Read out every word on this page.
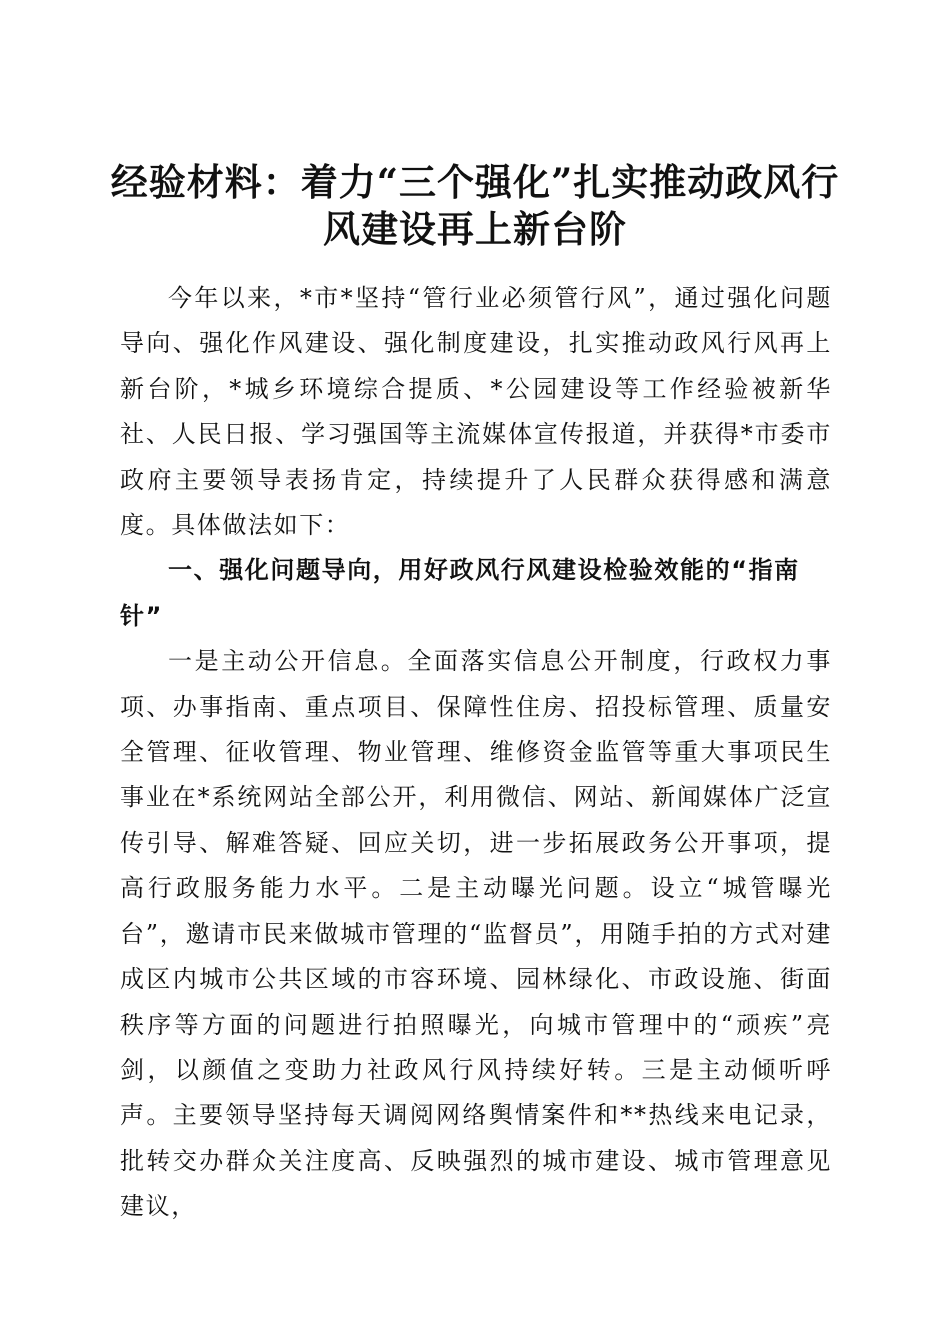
经验材料：着力“三个强化”扎实推动政风行
风建设再上新台阶

今年以来，*市*坚持“管行业必须管行风”，通过强化问题导向、强化作风建设、强化制度建设，扎实推动政风行风再上新台阶，*城乡环境综合提质、*公园建设等工作经验被新华社、人民日报、学习强国等主流媒体宣传报道，并获得*市委市政府主要领导表扬肯定，持续提升了人民群众获得感和满意度。具体做法如下：

一、强化问题导向，用好政风行风建设检验效能的“指南针”

一是主动公开信息。全面落实信息公开制度，行政权力事项、办事指南、重点项目、保障性住房、招投标管理、质量安全管理、征收管理、物业管理、维修资金监管等重大事项民生事业在*系统网站全部公开，利用微信、网站、新闻媒体广泛宣传引导、解难答疑、回应关切，进一步拓展政务公开事项，提高行政服务能力水平。二是主动曝光问题。设立“城管曝光台”，邀请市民来做城市管理的“监督员”，用随手拍的方式对建成区内城市公共区域的市容环境、园林绿化、市政设施、街面秩序等方面的问题进行拍照曝光，向城市管理中的“顽疾”亮剑，以颜值之变助力社政风行风持续好转。三是主动倾听呼声。主要领导坚持每天调阅网络舆情案件和**热线来电记录，批转交办群众关注度高、反映强烈的城市建设、城市管理意见建议，
